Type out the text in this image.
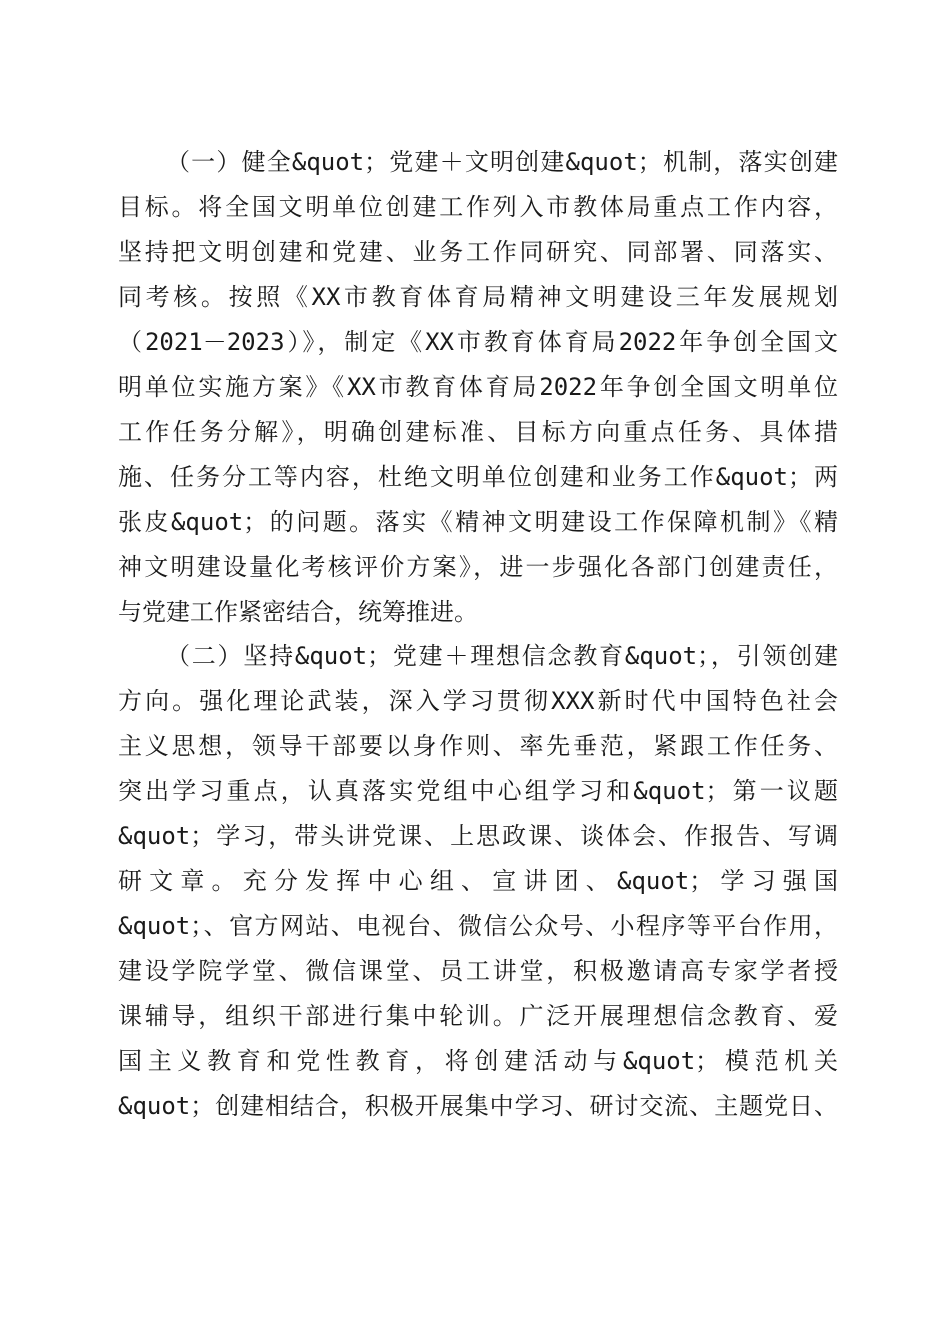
（一）健全&quot；党建＋文明创建&quot；机制，落实创建
目标。将全国文明单位创建工作列入市教体局重点工作内容，
坚持把文明创建和党建、业务工作同研究、同部署、同落实、
同考核。按照《XX市教育体育局精神文明建设三年发展规划
（2021－2023）》，制定《XX市教育体育局2022年争创全国文
明单位实施方案》《XX市教育体育局2022年争创全国文明单位
工作任务分解》，明确创建标准、目标方向重点任务、具体措
施、任务分工等内容，杜绝文明单位创建和业务工作&quot；两
张皮&quot；的问题。落实《精神文明建设工作保障机制》《精
神文明建设量化考核评价方案》，进一步强化各部门创建责任，
与党建工作紧密结合，统筹推进。
（二）坚持&quot；党建＋理想信念教育&quot；，引领创建
方向。强化理论武装，深入学习贯彻XXX新时代中国特色社会
主义思想，领导干部要以身作则、率先垂范，紧跟工作任务、
突出学习重点，认真落实党组中心组学习和&quot；第一议题
&quot；学习，带头讲党课、上思政课、谈体会、作报告、写调
研文章。充分发挥中心组、宣讲团、&quot；学习强国
&quot；、官方网站、电视台、微信公众号、小程序等平台作用，
建设学院学堂、微信课堂、员工讲堂，积极邀请高专家学者授
课辅导，组织干部进行集中轮训。广泛开展理想信念教育、爱
国主义教育和党性教育，将创建活动与&quot；模范机关
&quot；创建相结合，积极开展集中学习、研讨交流、主题党日、
